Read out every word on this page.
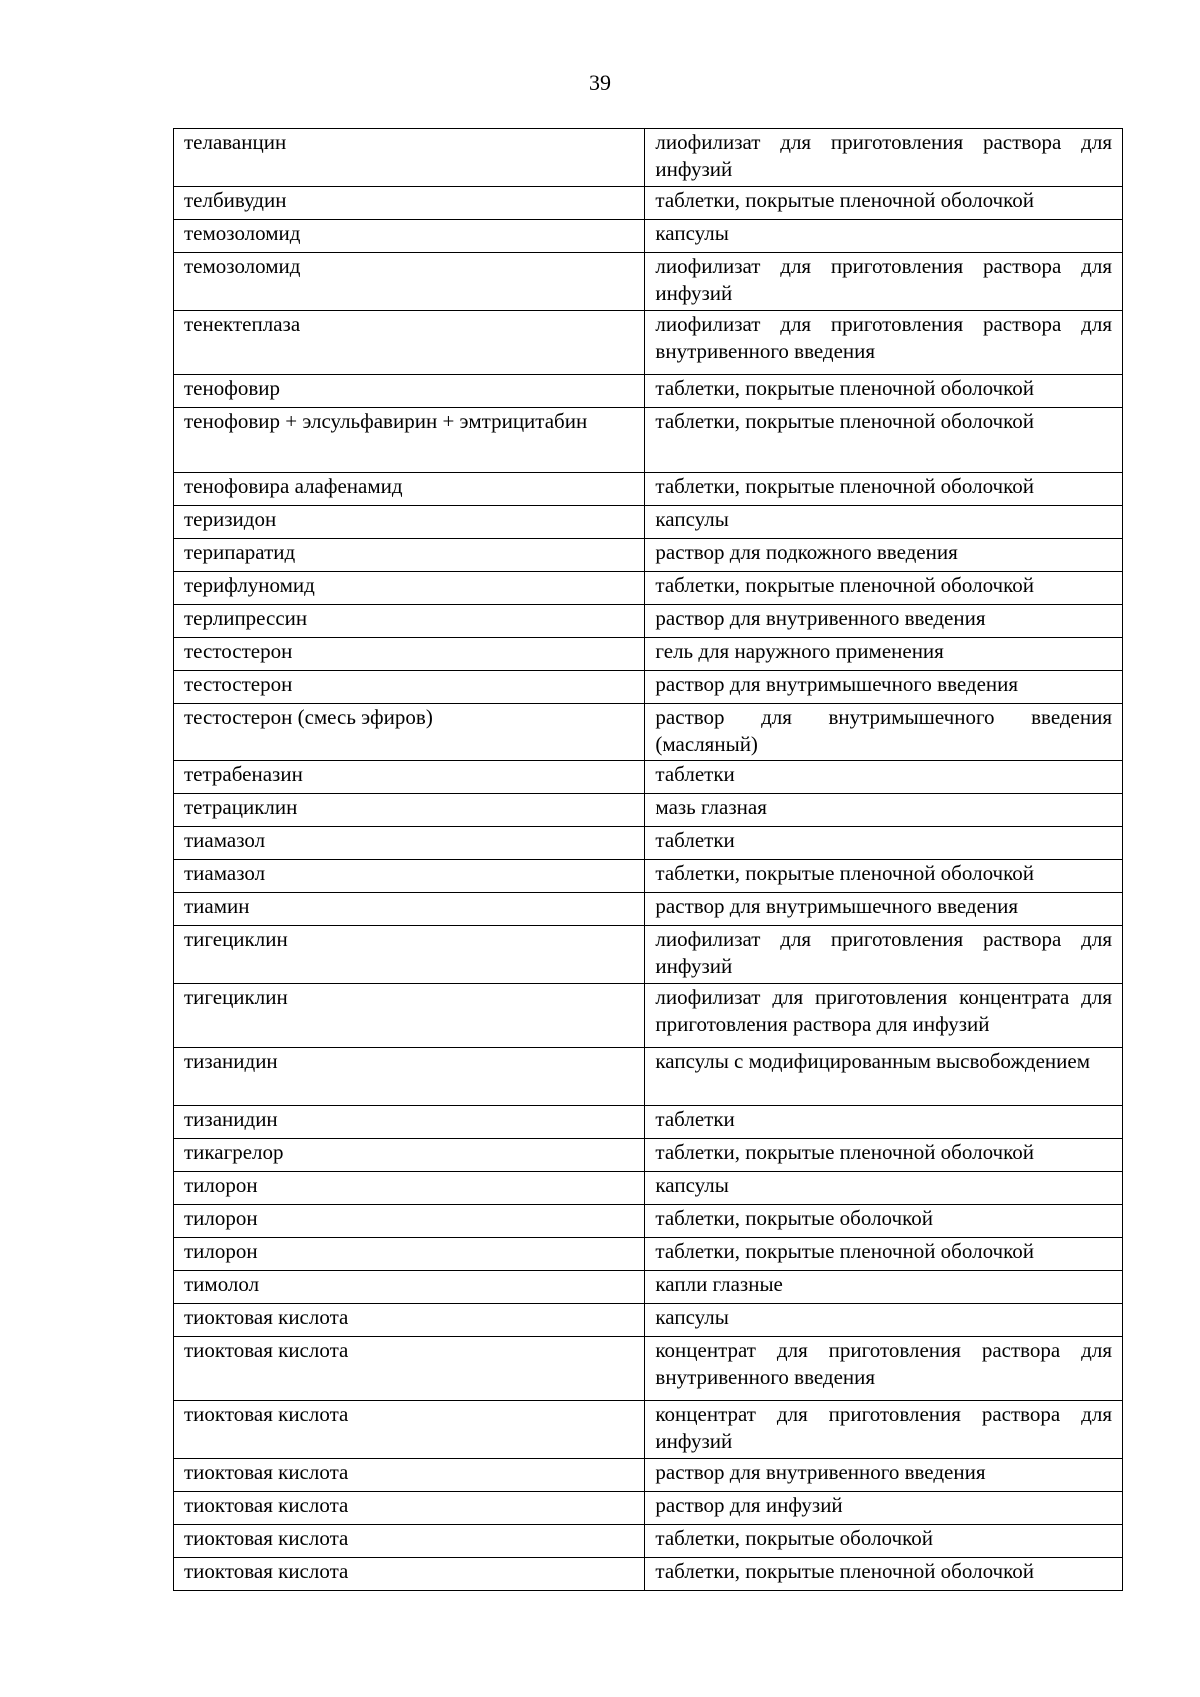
39
телаванцин	лиофилизат для приготовления раствора для инфузий
телбивудин	таблетки, покрытые пленочной оболочкой
темозоломид	капсулы
темозоломид	лиофилизат для приготовления раствора для инфузий
тенектеплаза	лиофилизат для приготовления раствора для внутривенного введения
тенофовир	таблетки, покрытые пленочной оболочкой
тенофовир + элсульфавирин + эмтрицитабин	таблетки, покрытые пленочной оболочкой
тенофовира алафенамид	таблетки, покрытые пленочной оболочкой
теризидон	капсулы
терипаратид	раствор для подкожного введения
терифлуномид	таблетки, покрытые пленочной оболочкой
терлипрессин	раствор для внутривенного введения
тестостерон	гель для наружного применения
тестостерон	раствор для внутримышечного введения
тестостерон (смесь эфиров)	раствор для внутримышечного введения (масляный)
тетрабеназин	таблетки
тетрациклин	мазь глазная
тиамазол	таблетки
тиамазол	таблетки, покрытые пленочной оболочкой
тиамин	раствор для внутримышечного введения
тигециклин	лиофилизат для приготовления раствора для инфузий
тигециклин	лиофилизат для приготовления концентрата для приготовления раствора для инфузий
тизанидин	капсулы с модифицированным высвобождением
тизанидин	таблетки
тикагрелор	таблетки, покрытые пленочной оболочкой
тилорон	капсулы
тилорон	таблетки, покрытые оболочкой
тилорон	таблетки, покрытые пленочной оболочкой
тимолол	капли глазные
тиоктовая кислота	капсулы
тиоктовая кислота	концентрат для приготовления раствора для внутривенного введения
тиоктовая кислота	концентрат для приготовления раствора для инфузий
тиоктовая кислота	раствор для внутривенного введения
тиоктовая кислота	раствор для инфузий
тиоктовая кислота	таблетки, покрытые оболочкой
тиоктовая кислота	таблетки, покрытые пленочной оболочкой
